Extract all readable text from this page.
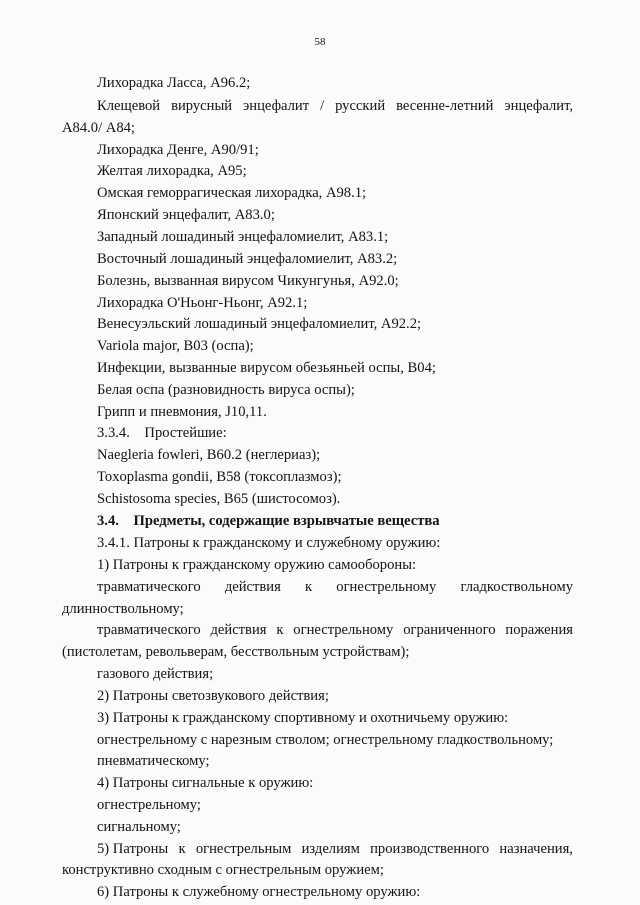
58
Лихорадка Ласса, А96.2;
Клещевой вирусный энцефалит / русский весенне-летний энцефалит,
А84.0/ А84;
Лихорадка Денге, А90/91;
Желтая лихорадка, А95;
Омская геморрагическая лихорадка, А98.1;
Японский энцефалит, А83.0;
Западный лошадиный энцефаломиелит, А83.1;
Восточный лошадиный энцефаломиелит, А83.2;
Болезнь, вызванная вирусом Чикунгунья, А92.0;
Лихорадка О'Ньонг-Ньонг, А92.1;
Венесуэльский лошадиный энцефаломиелит, А92.2;
Variola major, В03 (оспа);
Инфекции, вызванные вирусом обезьяньей оспы, В04;
Белая оспа (разновидность вируса оспы);
Грипп и пневмония, J10,11.
3.3.4.    Простейшие:
Naegleria fowleri, В60.2 (неглериаз);
Toxoplasma gondii, В58 (токсоплазмоз);
Schistosoma species, В65 (шистосомоз).
3.4.    Предметы, содержащие взрывчатые вещества
3.4.1. Патроны к гражданскому и служебному оружию:
1) Патроны к гражданскому оружию самообороны:
травматического действия к огнестрельному гладкоствольному
длинноствольному;
травматического действия к огнестрельному ограниченного поражения
(пистолетам, револьверам, бесствольным устройствам);
газового действия;
2) Патроны светозвукового действия;
3) Патроны к гражданскому спортивному и охотничьему оружию:
огнестрельному с нарезным стволом; огнестрельному гладкоствольному;
пневматическому;
4) Патроны сигнальные к оружию:
огнестрельному;
сигнальному;
5) Патроны к огнестрельным изделиям производственного назначения,
конструктивно сходным с огнестрельным оружием;
6) Патроны к служебному огнестрельному оружию:
